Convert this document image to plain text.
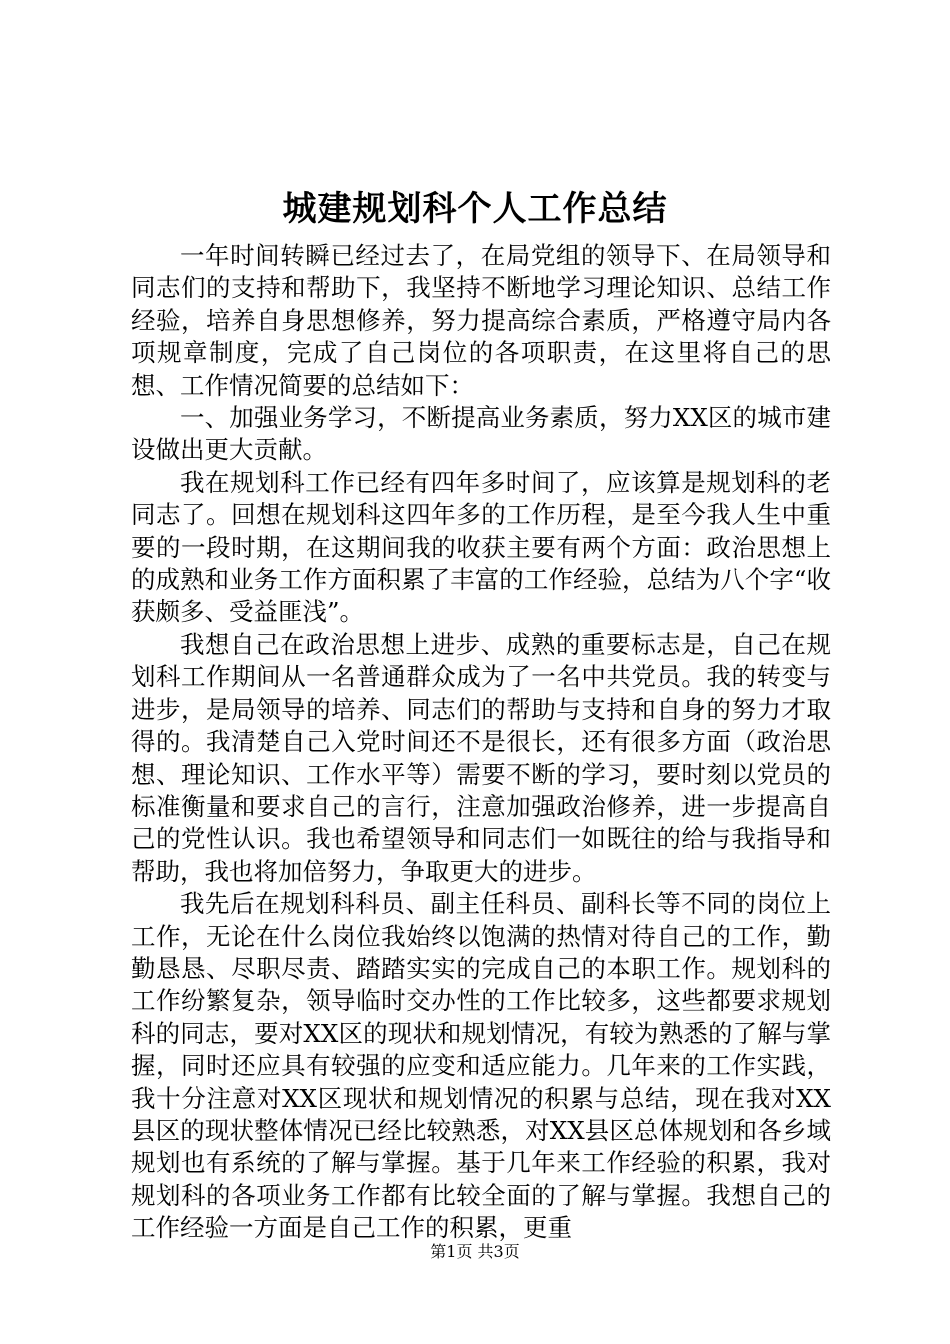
城建规划科个人工作总结

一年时间转瞬已经过去了，在局党组的领导下、在局领导和同志们的支持和帮助下，我坚持不断地学习理论知识、总结工作经验，培养自身思想修养，努力提高综合素质，严格遵守局内各项规章制度，完成了自己岗位的各项职责，在这里将自己的思想、工作情况简要的总结如下：

一、加强业务学习，不断提高业务素质，努力XX区的城市建设做出更大贡献。

我在规划科工作已经有四年多时间了，应该算是规划科的老同志了。回想在规划科这四年多的工作历程，是至今我人生中重要的一段时期，在这期间我的收获主要有两个方面：政治思想上的成熟和业务工作方面积累了丰富的工作经验，总结为八个字“收获颇多、受益匪浅”。

我想自己在政治思想上进步、成熟的重要标志是，自己在规划科工作期间从一名普通群众成为了一名中共党员。我的转变与进步，是局领导的培养、同志们的帮助与支持和自身的努力才取得的。我清楚自己入党时间还不是很长，还有很多方面（政治思想、理论知识、工作水平等）需要不断的学习，要时刻以党员的标准衡量和要求自己的言行，注意加强政治修养，进一步提高自己的党性认识。我也希望领导和同志们一如既往的给与我指导和帮助，我也将加倍努力，争取更大的进步。

我先后在规划科科员、副主任科员、副科长等不同的岗位上工作，无论在什么岗位我始终以饱满的热情对待自己的工作，勤勤恳恳、尽职尽责、踏踏实实的完成自己的本职工作。规划科的工作纷繁复杂，领导临时交办性的工作比较多，这些都要求规划科的同志，要对XX区的现状和规划情况，有较为熟悉的了解与掌握，同时还应具有较强的应变和适应能力。几年来的工作实践，我十分注意对XX区现状和规划情况的积累与总结，现在我对XX县区的现状整体情况已经比较熟悉，对XX县区总体规划和各乡域规划也有系统的了解与掌握。基于几年来工作经验的积累，我对规划科的各项业务工作都有比较全面的了解与掌握。我想自己的工作经验一方面是自己工作的积累，更重

第1页 共3页
